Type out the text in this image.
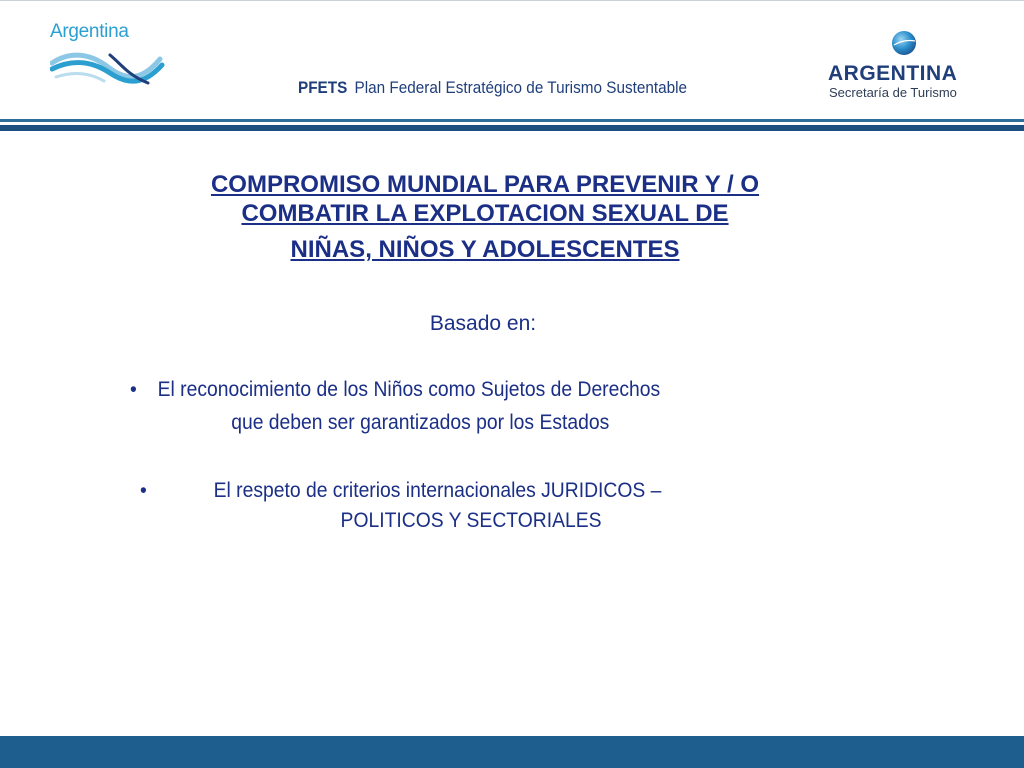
Argentina
PFETS Plan Federal Estratégico de Turismo Sustentable
ARGENTINA
Secretaría de Turismo
COMPROMISO MUNDIAL PARA PREVENIR Y / O

COMBATIR LA EXPLOTACION SEXUAL DE
NIÑAS, NIÑOS Y ADOLESCENTES
Basado en:
• El reconocimiento de los Niños como Sujetos de Derechos
que deben ser garantizados por los Estados
•	El respeto de criterios internacionales JURIDICOS –
POLITICOS Y SECTORIALES
